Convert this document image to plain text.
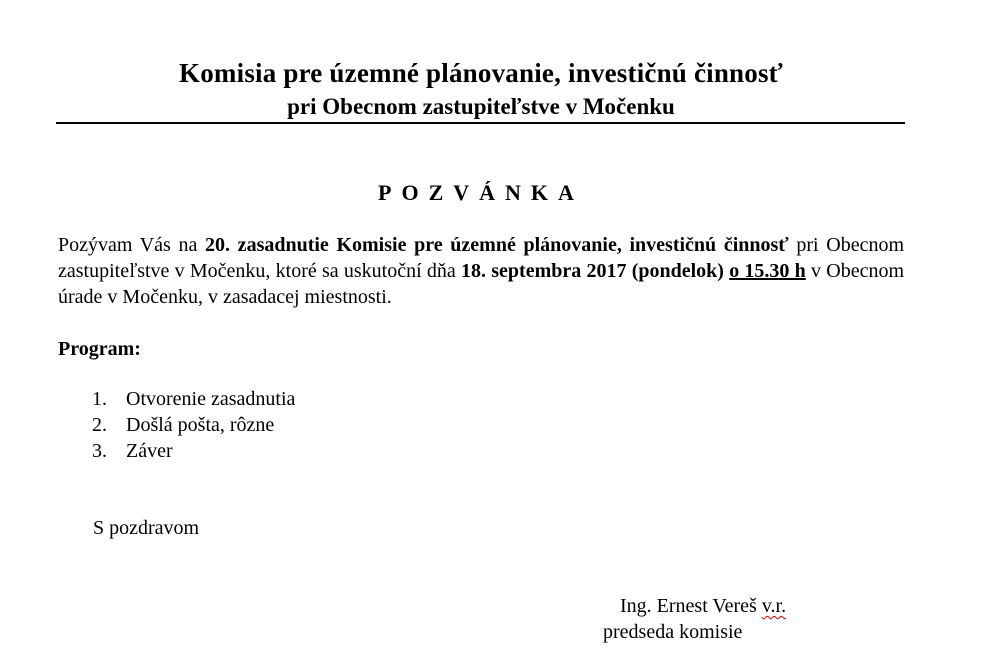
Komisia pre územné plánovanie, investičnú činnosť
pri Obecnom zastupiteľstve v Močenku
POZVÁNKA
Pozývam Vás na 20. zasadnutie Komisie pre územné plánovanie, investičnú činnosť pri Obecnom zastupiteľstve v Močenku, ktoré sa uskutoční dňa 18. septembra 2017 (pondelok) o 15.30 h v Obecnom úrade v Močenku, v zasadacej miestnosti.
Program:
1. Otvorenie zasadnutia
2. Došlá pošta, rôzne
3. Záver
S pozdravom
Ing. Ernest Vereš v.r.
predseda komisie
